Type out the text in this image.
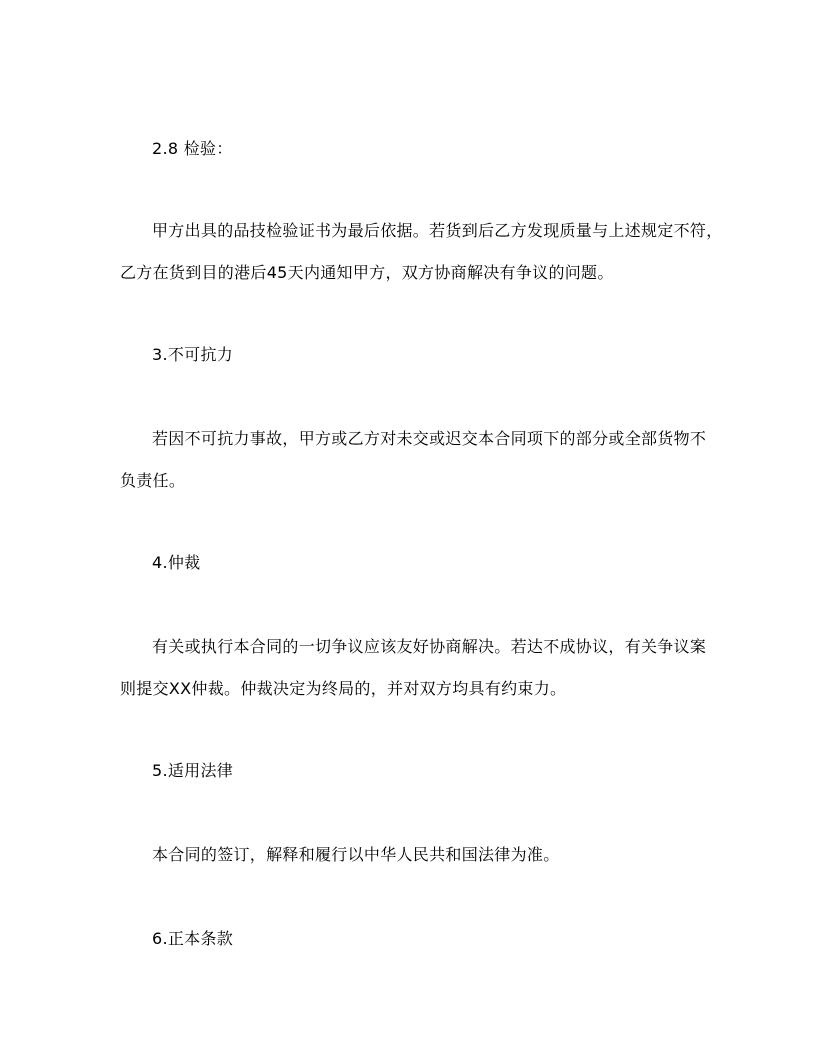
2.8 检验：
甲方出具的品技检验证书为最后依据。若货到后乙方发现质量与上述规定不符，
乙方在货到目的港后45天内通知甲方，双方协商解决有争议的问题。
3.不可抗力
若因不可抗力事故，甲方或乙方对未交或迟交本合同项下的部分或全部货物不
负责任。
4.仲裁
有关或执行本合同的一切争议应该友好协商解决。若达不成协议，有关争议案
则提交XX仲裁。仲裁决定为终局的，并对双方均具有约束力。
5.适用法律
本合同的签订，解释和履行以中华人民共和国法律为准。
6.正本条款
